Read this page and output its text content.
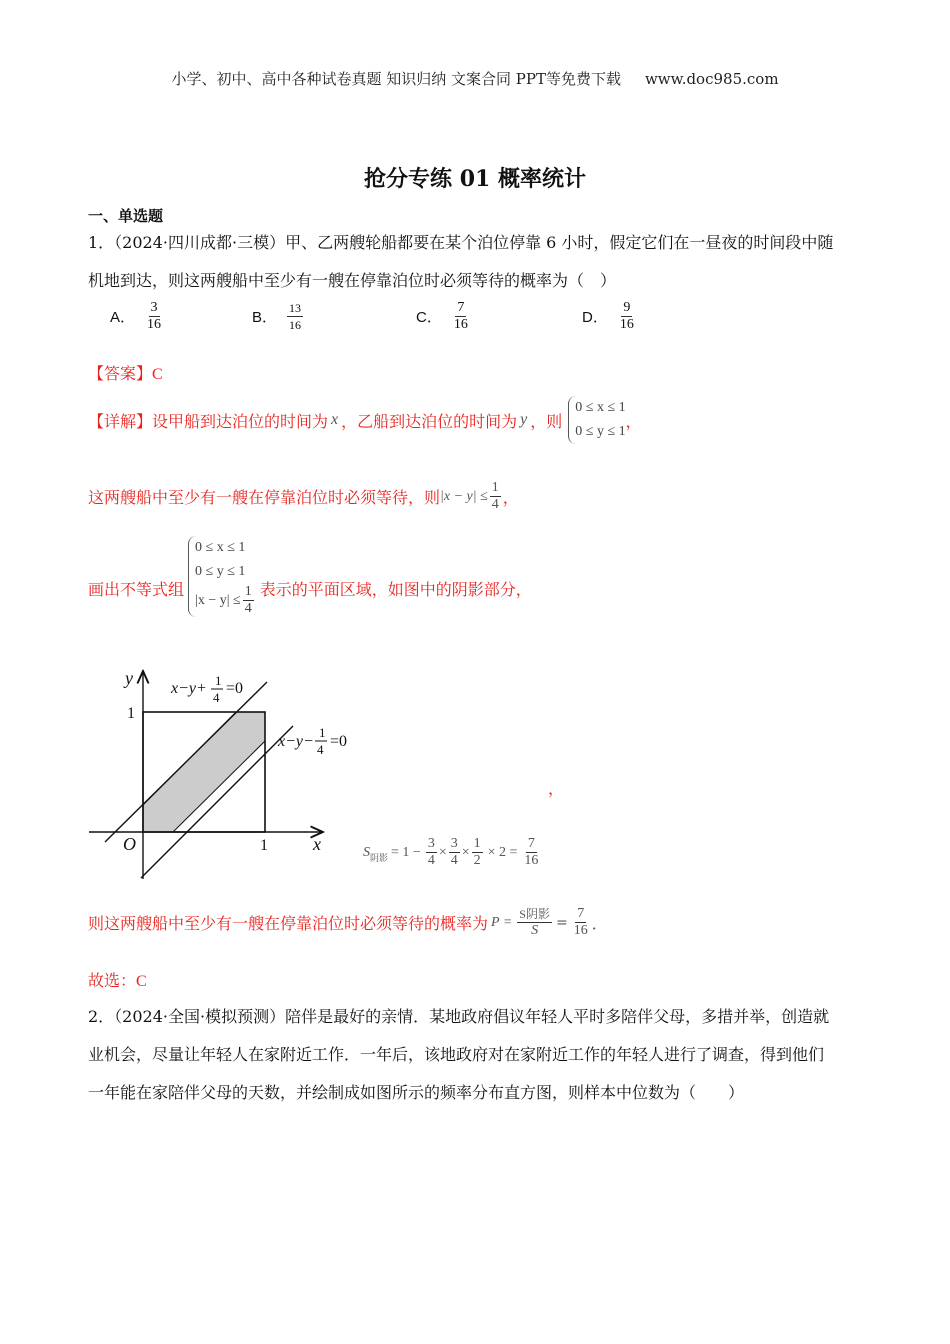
小学、初中、高中各种试卷真题 知识归纳 文案合同 PPT等免费下载 www.doc985.com
抢分专练 01 概率统计
一、单选题
1．（2024·四川成都·三模）甲、乙两艘轮船都要在某个泊位停靠 6 小时，假定它们在一昼夜的时间段中随
机地到达，则这两艘船中至少有一艘在停靠泊位时必须等待的概率为（　）
A． $\frac{3}{16}$	B． $\frac{13}{16}$	C． $\frac{7}{16}$	D． $\frac{9}{16}$
【答案】C
【详解】 设甲船到达泊位的时间为 x ，乙船到达泊位的时间为 y ，则
0 ≤ x ≤ 1
0 ≤ y ≤ 1
，
这两艘船中至少有一艘在停靠泊位时必须等待，则 $|x - y| \le \frac{1}{4}$ ，
画出不等式组
0 ≤ x ≤ 1
0 ≤ y ≤ 1
$|x - y| \le \frac{1}{4}$ 表示的平面区域，如图中的阴影部分，
y
x
O	1
1
x−y+ 1
4
=0
x−y−
1
4 =0
，
S 阴影 = $1 - \frac{3}{4} \times \frac{3}{4} \times \frac{1}{2} \times 2 = \frac{7}{16}$
则这两艘船中至少有一艘在停靠泊位时必须等待的概率为 $P = \frac{\text{S阴影}}{S} = \frac{7}{16}$ ．
故选：C
2．（2024·全国·模拟预测）陪伴是最好的亲情．某地政府倡议年轻人平时多陪伴父母，多措并举，创造就
业机会，尽量让年轻人在家附近工作．一年后，该地政府对在家附近工作的年轻人进行了调查，得到他们
一年能在家陪伴父母的天数，并绘制成如图所示的频率分布直方图，则样本中位数为（　　）
